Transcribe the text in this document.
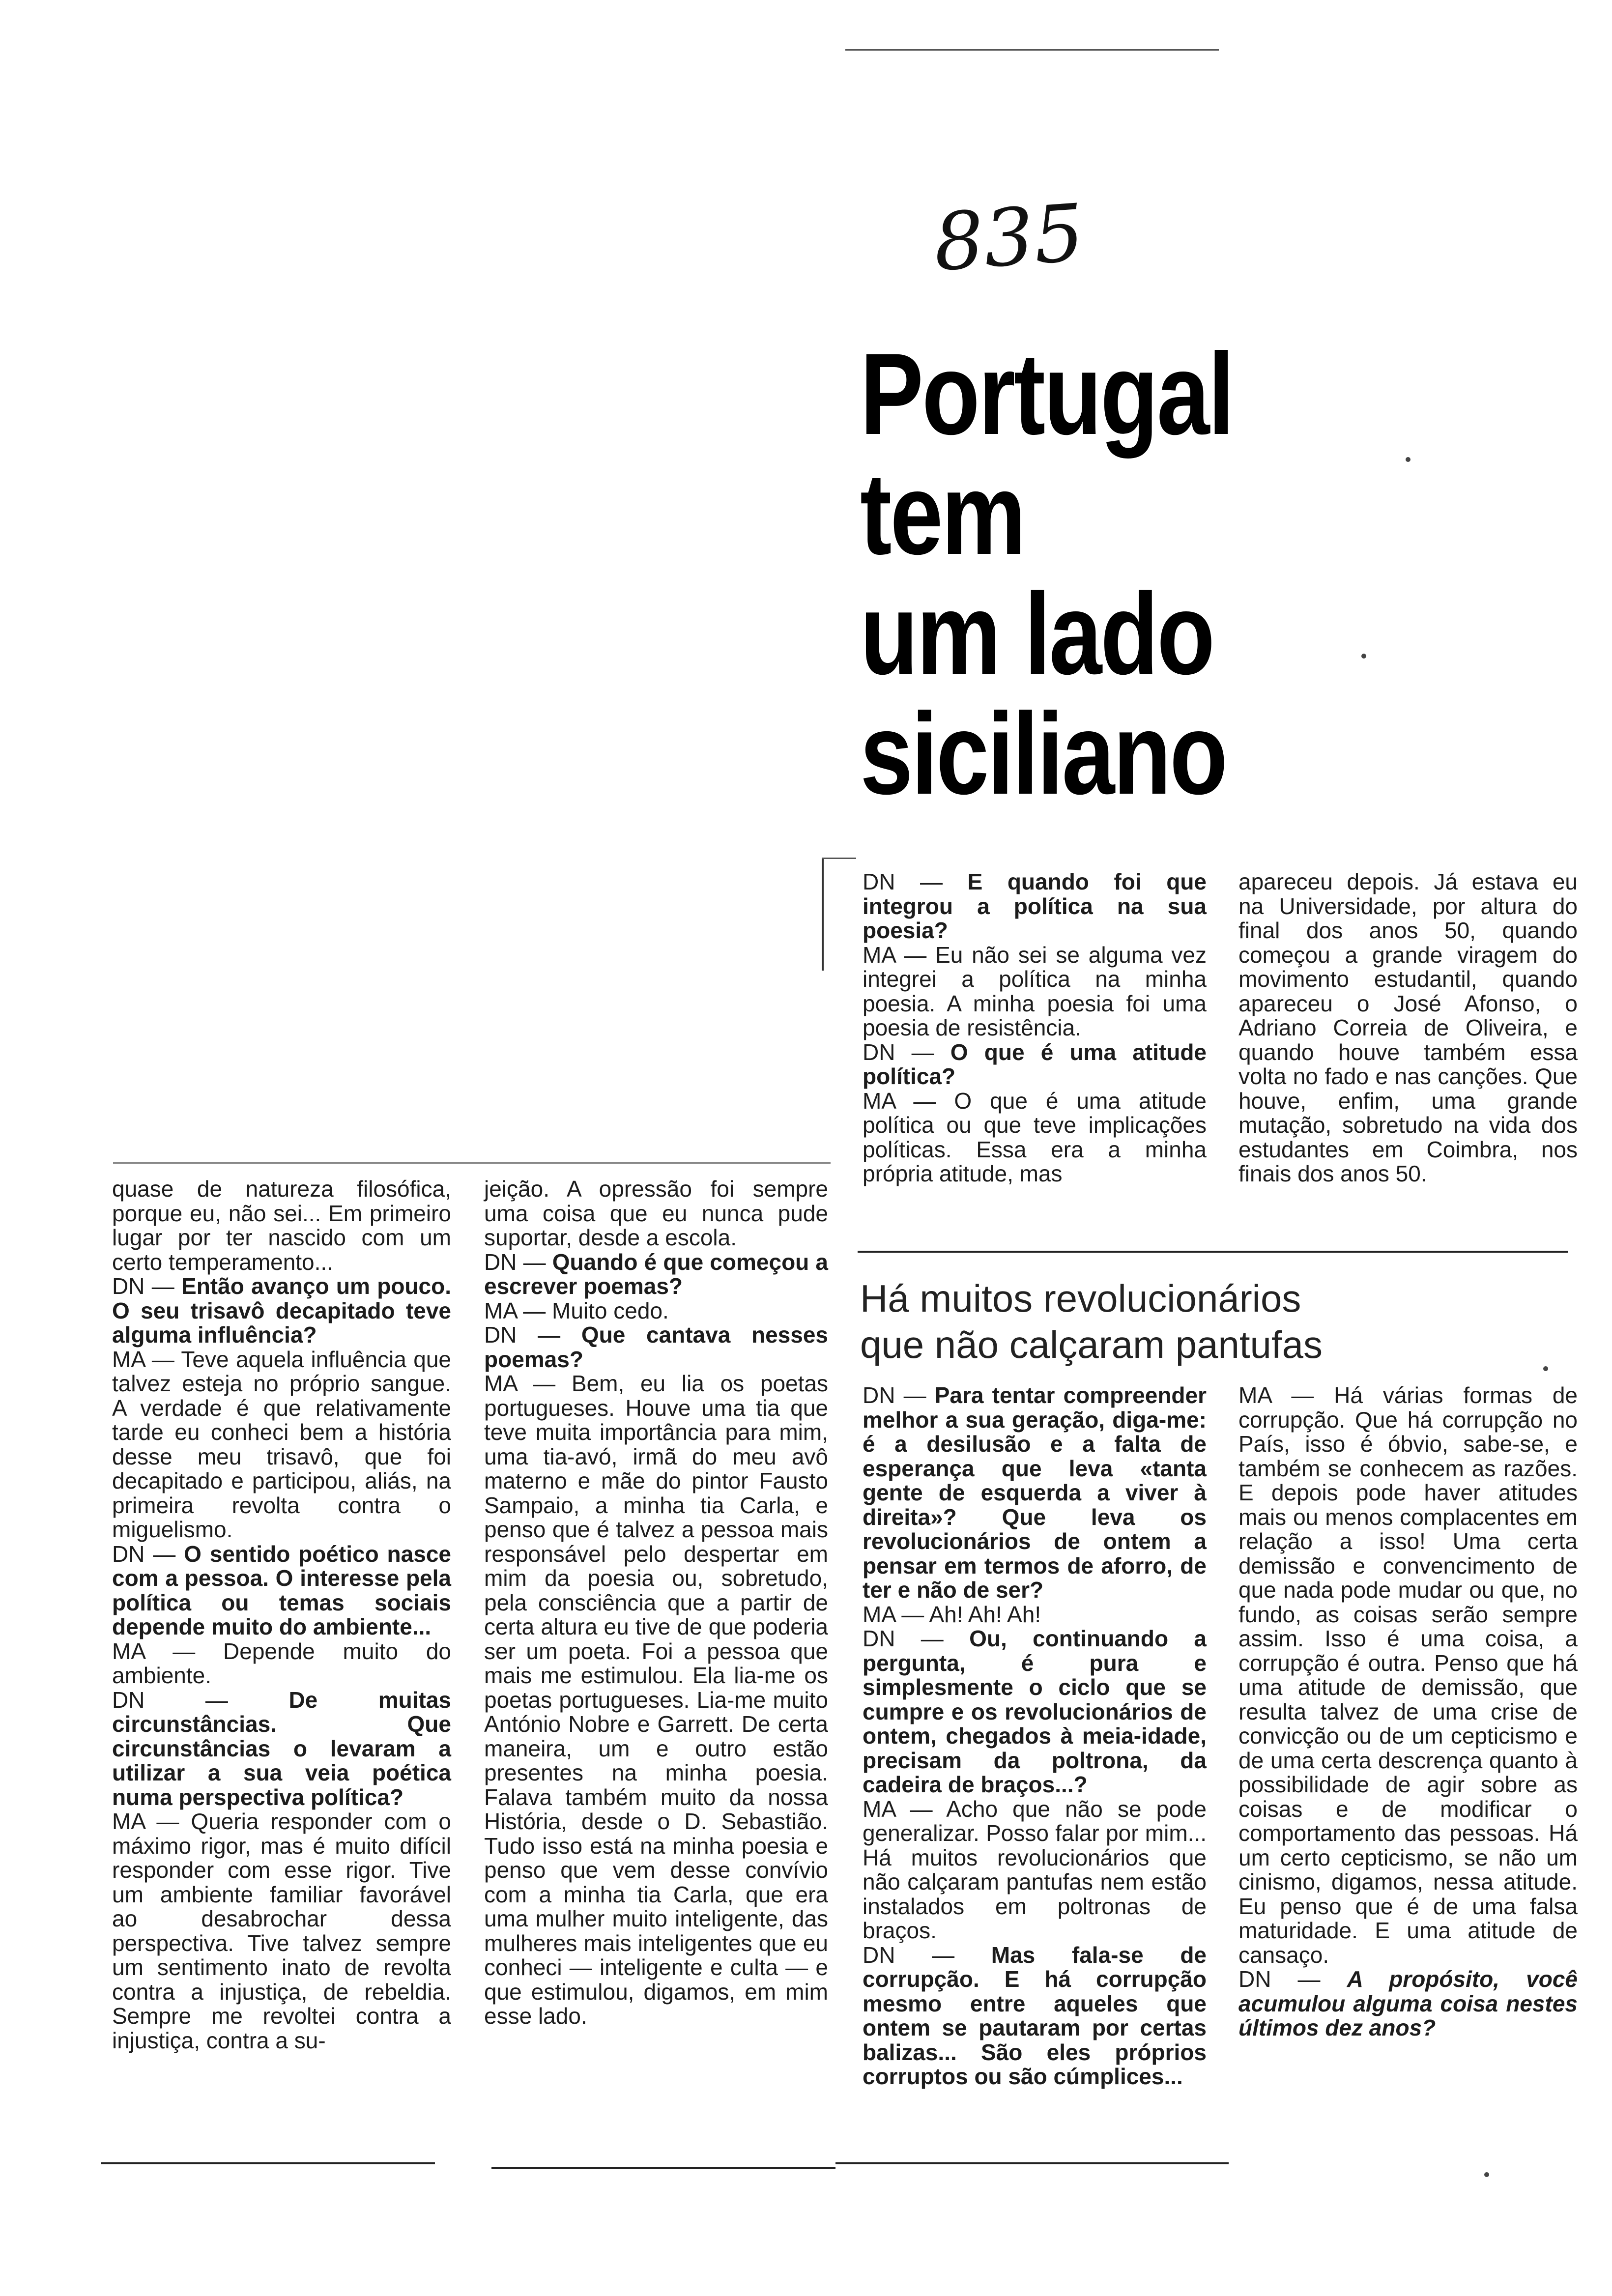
835
Portugal
tem
um lado
siciliano

DN — E quando foi que integrou a política na sua poesia?

MA — Eu não sei se alguma vez integrei a política na minha poesia. A minha poesia foi uma poesia de resistência.

DN — O que é uma atitude política?

MA — O que é uma atitude política ou que teve implicações políticas. Essa era a minha própria atitude, mas

apareceu depois. Já estava eu na Universidade, por altura do final dos anos 50, quando começou a grande viragem do movimento estudantil, quando apareceu o José Afonso, o Adriano Correia de Oliveira, e quando houve também essa volta no fado e nas canções. Que houve, enfim, uma grande mutação, sobretudo na vida dos estudantes em Coimbra, nos finais dos anos 50.

Há muitos revolucionários
que não calçaram pantufas

quase de natureza filosófica, porque eu, não sei... Em primeiro lugar por ter nascido com um certo temperamento...

DN — Então avanço um pouco. O seu trisavô decapitado teve alguma influência?

MA — Teve aquela influência que talvez esteja no próprio sangue. A verdade é que relativamente tarde eu conheci bem a história desse meu trisavô, que foi decapitado e participou, aliás, na primeira revolta contra o miguelismo.

DN — O sentido poético nasce com a pessoa. O interesse pela política ou temas sociais depende muito do ambiente...

MA — Depende muito do ambiente.

DN — De muitas circunstâncias. Que circunstâncias o levaram a utilizar a sua veia poética numa perspectiva política?

MA — Queria responder com o máximo rigor, mas é muito difícil responder com esse rigor. Tive um ambiente familiar favorável ao desabrochar dessa perspectiva. Tive talvez sempre um sentimento inato de revolta contra a injustiça, de rebeldia. Sempre me revoltei contra a injustiça, contra a su-

jeição. A opressão foi sempre uma coisa que eu nunca pude suportar, desde a escola.

DN — Quando é que começou a escrever poemas?

MA — Muito cedo.

DN — Que cantava nesses poemas?

MA — Bem, eu lia os poetas portugueses. Houve uma tia que teve muita importância para mim, uma tia-avó, irmã do meu avô materno e mãe do pintor Fausto Sampaio, a minha tia Carla, e penso que é talvez a pessoa mais responsável pelo despertar em mim da poesia ou, sobretudo, pela consciência que a partir de certa altura eu tive de que poderia ser um poeta. Foi a pessoa que mais me estimulou. Ela lia-me os poetas portugueses. Lia-me muito António Nobre e Garrett. De certa maneira, um e outro estão presentes na minha poesia. Falava também muito da nossa História, desde o D. Sebastião. Tudo isso está na minha poesia e penso que vem desse convívio com a minha tia Carla, que era uma mulher muito inteligente, das mulheres mais inteligentes que eu conheci — inteligente e culta — e que estimulou, digamos, em mim esse lado.

DN — Para tentar compreender melhor a sua geração, diga-me: é a desilusão e a falta de esperança que leva «tanta gente de esquerda a viver à direita»? Que leva os revolucionários de ontem a pensar em termos de aforro, de ter e não de ser?

MA — Ah! Ah! Ah!

DN — Ou, continuando a pergunta, é pura e simplesmente o ciclo que se cumpre e os revolucionários de ontem, chegados à meia-idade, precisam da poltrona, da cadeira de braços...?

MA — Acho que não se pode generalizar. Posso falar por mim... Há muitos revolucionários que não calçaram pantufas nem estão instalados em poltronas de braços.

DN — Mas fala-se de corrupção. E há corrupção mesmo entre aqueles que ontem se pautaram por certas balizas... São eles próprios corruptos ou são cúmplices...

MA — Há várias formas de corrupção. Que há corrupção no País, isso é óbvio, sabe-se, e também se conhecem as razões. E depois pode haver atitudes mais ou menos complacentes em relação a isso! Uma certa demissão e convencimento de que nada pode mudar ou que, no fundo, as coisas serão sempre assim. Isso é uma coisa, a corrupção é outra. Penso que há uma atitude de demissão, que resulta talvez de uma crise de convicção ou de um cepticismo e de uma certa descrença quanto à possibilidade de agir sobre as coisas e de modificar o comportamento das pessoas. Há um certo cepticismo, se não um cinismo, digamos, nessa atitude. Eu penso que é de uma falsa maturidade. E uma atitude de cansaço.

DN — A propósito, você acumulou alguma coisa nestes últimos dez anos?
